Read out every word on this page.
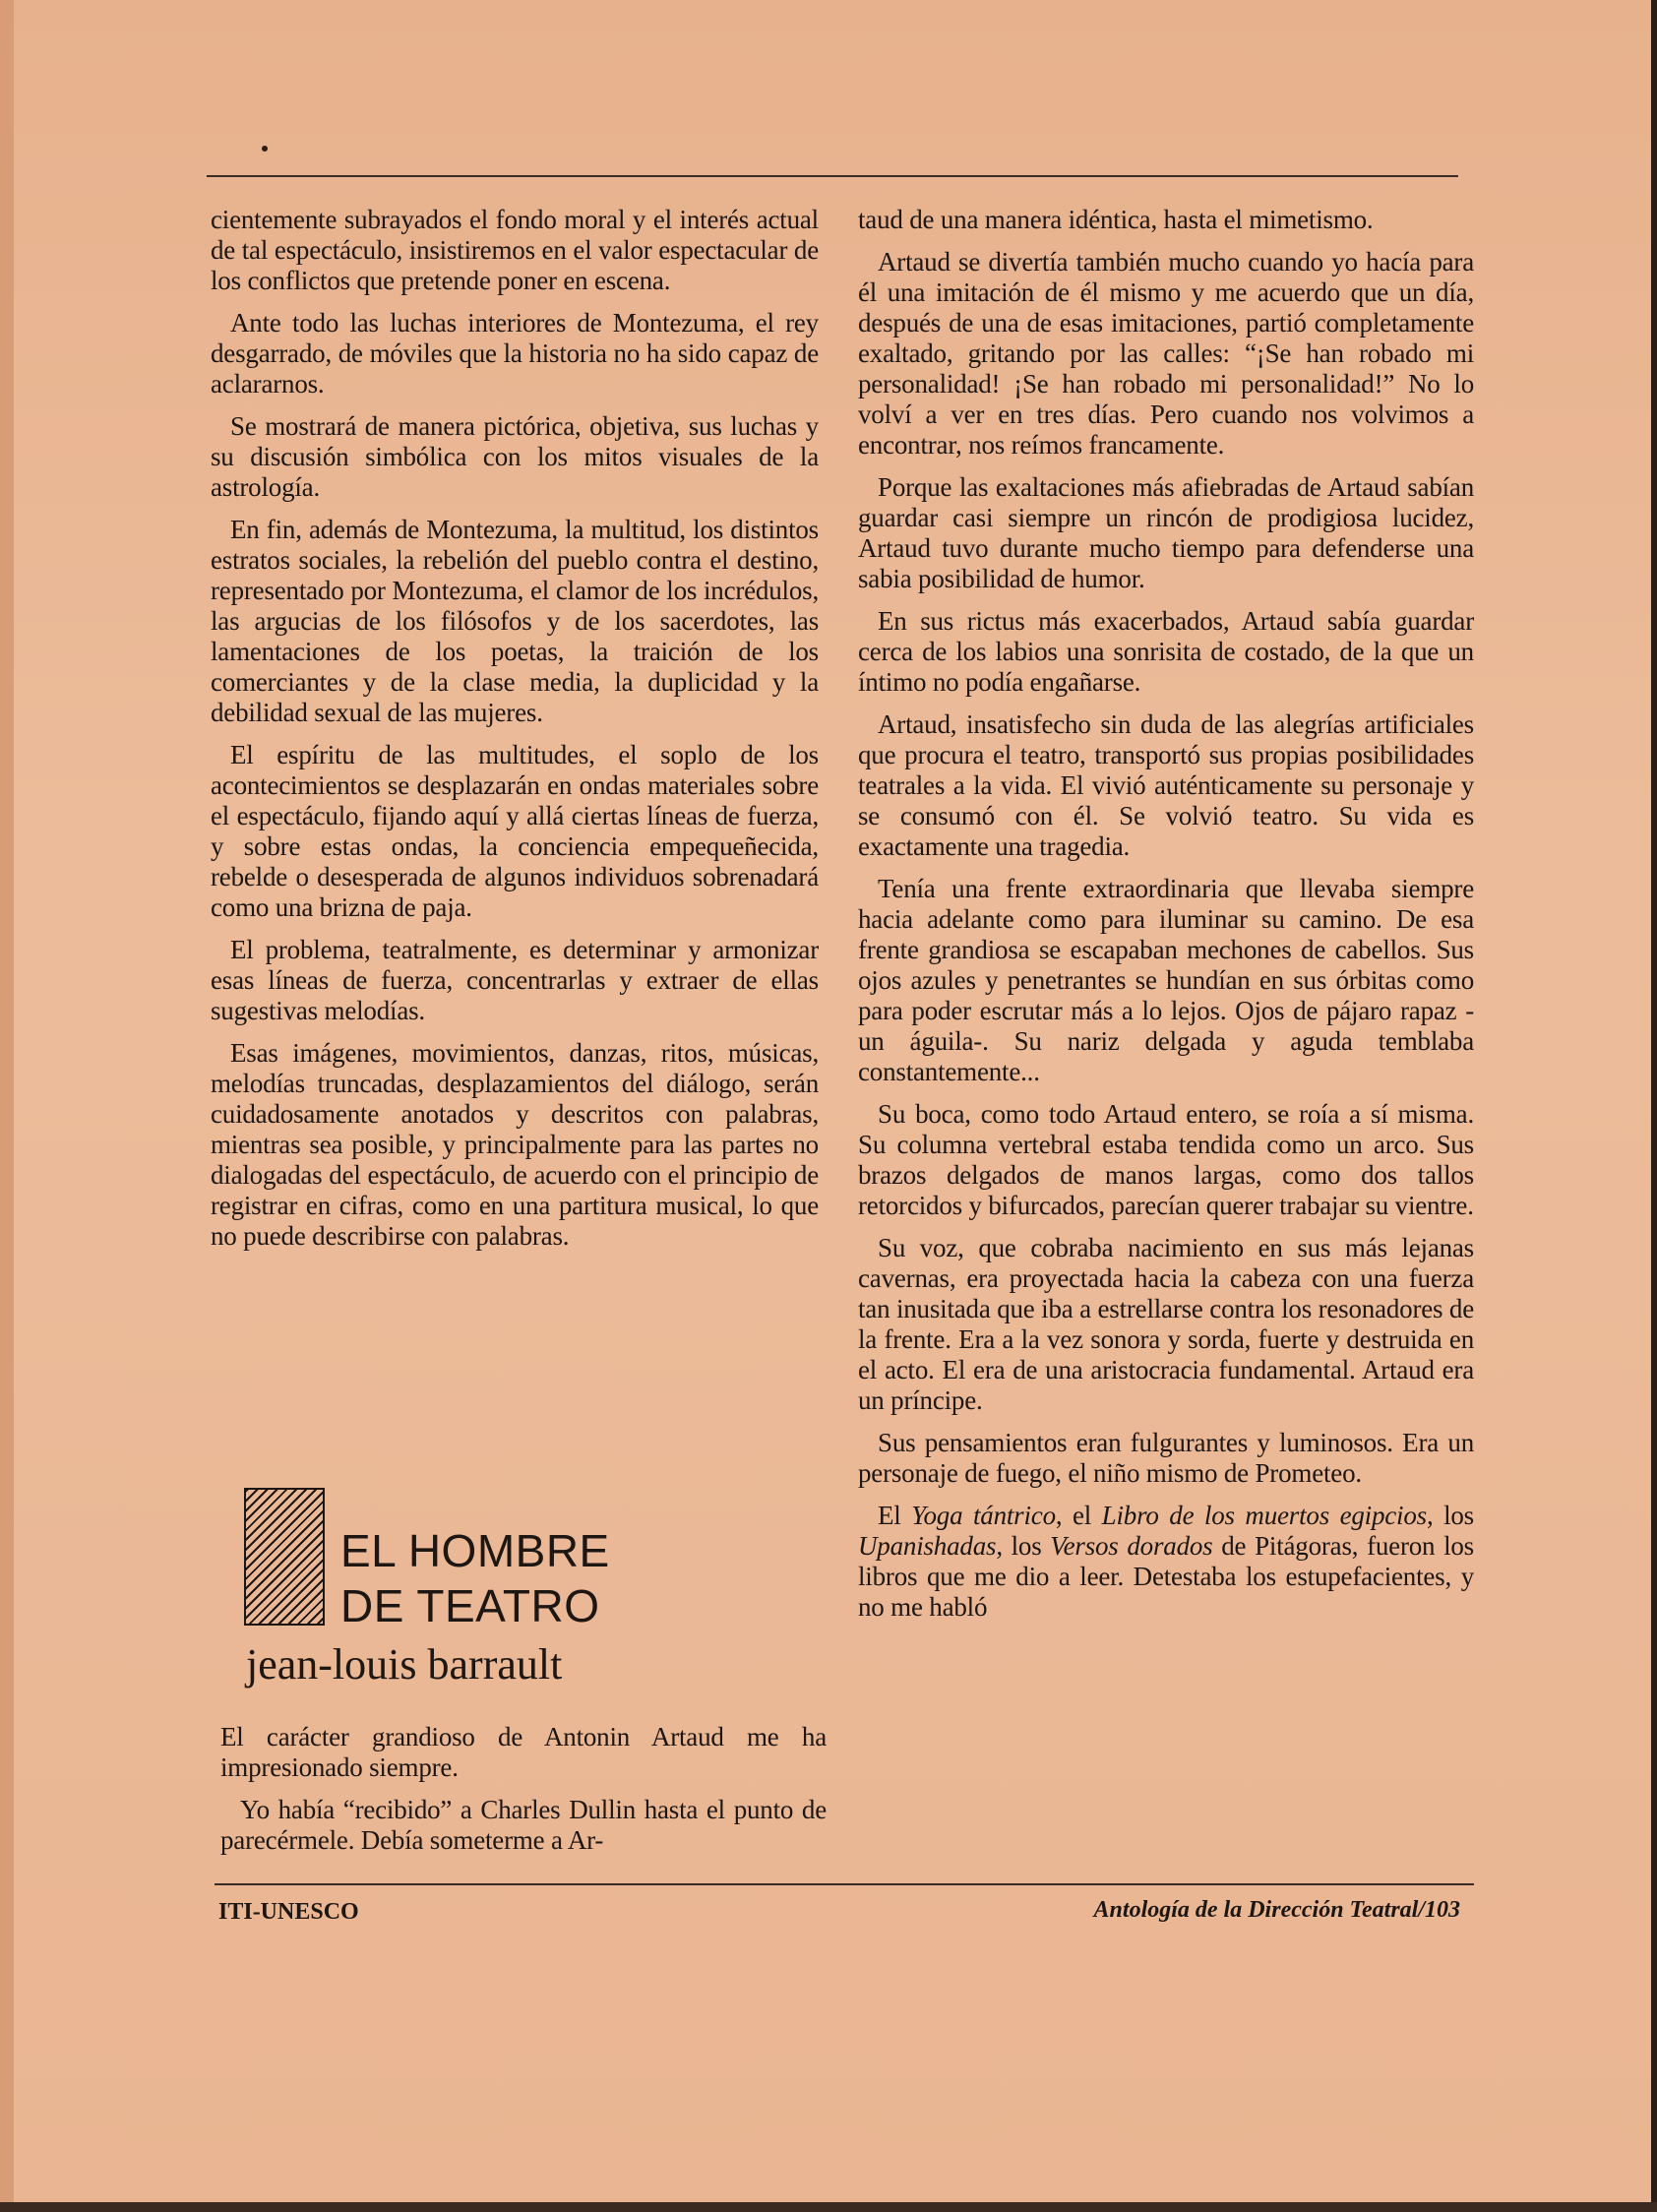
cientemente subrayados el fondo moral y el interés actual de tal espectáculo, insistiremos en el valor espectacular de los conflictos que pretende poner en escena.

Ante todo las luchas interiores de Montezuma, el rey desgarrado, de móviles que la historia no ha sido capaz de aclararnos.

Se mostrará de manera pictórica, objetiva, sus luchas y su discusión simbólica con los mitos visuales de la astrología.

En fin, además de Montezuma, la multitud, los distintos estratos sociales, la rebelión del pueblo contra el destino, representado por Montezuma, el clamor de los incrédulos, las argucias de los filósofos y de los sacerdotes, las lamentaciones de los poetas, la traición de los comerciantes y de la clase media, la duplicidad y la debilidad sexual de las mujeres.

El espíritu de las multitudes, el soplo de los acontecimientos se desplazarán en ondas materiales sobre el espectáculo, fijando aquí y allá ciertas líneas de fuerza, y sobre estas ondas, la conciencia empequeñecida, rebelde o desesperada de algunos individuos sobrenadará como una brizna de paja.

El problema, teatralmente, es determinar y armonizar esas líneas de fuerza, concentrarlas y extraer de ellas sugestivas melodías.

Esas imágenes, movimientos, danzas, ritos, músicas, melodías truncadas, desplazamientos del diálogo, serán cuidadosamente anotados y descritos con palabras, mientras sea posible, y principalmente para las partes no dialogadas del espectáculo, de acuerdo con el principio de registrar en cifras, como en una partitura musical, lo que no puede describirse con palabras.

EL HOMBRE
DE TEATRO
jean-louis barrault

El carácter grandioso de Antonin Artaud me ha impresionado siempre.

Yo había “recibido” a Charles Dullin hasta el punto de parecérmele. Debía someterme a Ar-

taud de una manera idéntica, hasta el mimetismo.

Artaud se divertía también mucho cuando yo hacía para él una imitación de él mismo y me acuerdo que un día, después de una de esas imitaciones, partió completamente exaltado, gritando por las calles: “¡Se han robado mi personalidad! ¡Se han robado mi personalidad!” No lo volví a ver en tres días. Pero cuando nos volvimos a encontrar, nos reímos francamente.

Porque las exaltaciones más afiebradas de Artaud sabían guardar casi siempre un rincón de prodigiosa lucidez, Artaud tuvo durante mucho tiempo para defenderse una sabia posibilidad de humor.

En sus rictus más exacerbados, Artaud sabía guardar cerca de los labios una sonrisita de costado, de la que un íntimo no podía engañarse.

Artaud, insatisfecho sin duda de las alegrías artificiales que procura el teatro, transportó sus propias posibilidades teatrales a la vida. El vivió auténticamente su personaje y se consumó con él. Se volvió teatro. Su vida es exactamente una tragedia.

Tenía una frente extraordinaria que llevaba siempre hacia adelante como para iluminar su camino. De esa frente grandiosa se escapaban mechones de cabellos. Sus ojos azules y penetrantes se hundían en sus órbitas como para poder escrutar más a lo lejos. Ojos de pájaro rapaz -un águila-. Su nariz delgada y aguda temblaba constantemente...

Su boca, como todo Artaud entero, se roía a sí misma. Su columna vertebral estaba tendida como un arco. Sus brazos delgados de manos largas, como dos tallos retorcidos y bifurcados, parecían querer trabajar su vientre.

Su voz, que cobraba nacimiento en sus más lejanas cavernas, era proyectada hacia la cabeza con una fuerza tan inusitada que iba a estrellarse contra los resonadores de la frente. Era a la vez sonora y sorda, fuerte y destruida en el acto. El era de una aristocracia fundamental. Artaud era un príncipe.

Sus pensamientos eran fulgurantes y luminosos. Era un personaje de fuego, el niño mismo de Prometeo.

El Yoga tántrico, el Libro de los muertos egipcios, los Upanishadas, los Versos dorados de Pitágoras, fueron los libros que me dio a leer. Detestaba los estupefacientes, y no me habló

ITI-UNESCO	Antología de la Dirección Teatral/103
